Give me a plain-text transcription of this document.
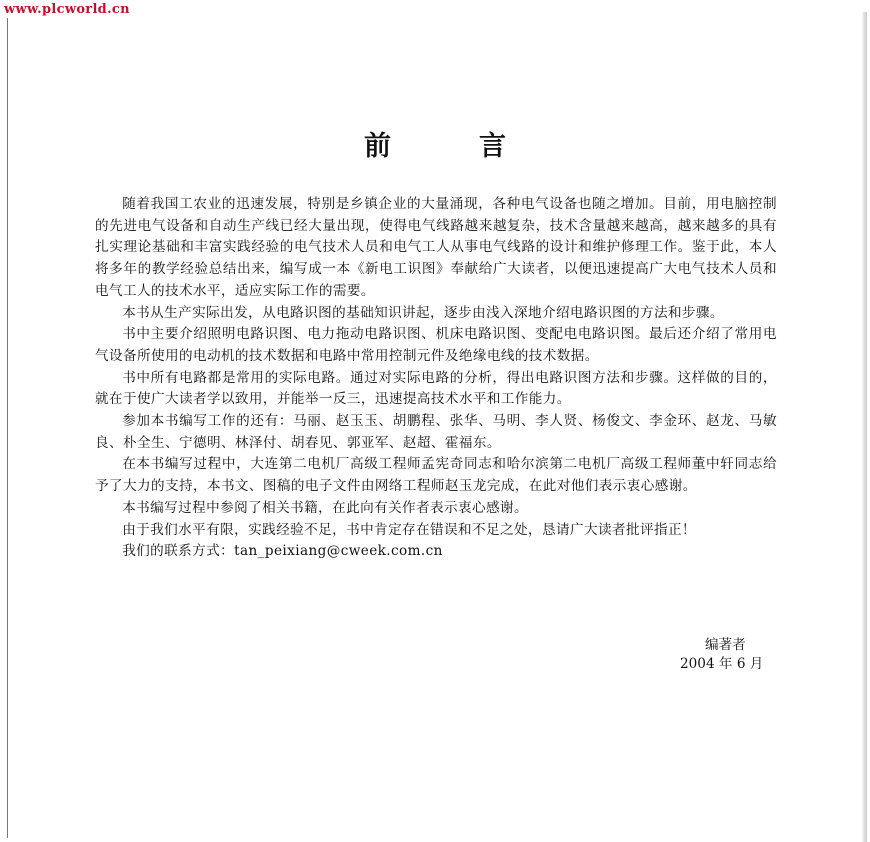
www.plcworld.cn
前言

随着我国工农业的迅速发展，特别是乡镇企业的大量涌现，各种电气设备也随之增加。目前，用电脑控制的先进电气设备和自动生产线已经大量出现，使得电气线路越来越复杂，技术含量越来越高，越来越多的具有扎实理论基础和丰富实践经验的电气技术人员和电气工人从事电气线路的设计和维护修理工作。鉴于此，本人将多年的教学经验总结出来，编写成一本《新电工识图》奉献给广大读者，以便迅速提高广大电气技术人员和电气工人的技术水平，适应实际工作的需要。

本书从生产实际出发，从电路识图的基础知识讲起，逐步由浅入深地介绍电路识图的方法和步骤。

书中主要介绍照明电路识图、电力拖动电路识图、机床电路识图、变配电电路识图。最后还介绍了常用电气设备所使用的电动机的技术数据和电路中常用控制元件及绝缘电线的技术数据。

书中所有电路都是常用的实际电路。通过对实际电路的分析，得出电路识图方法和步骤。这样做的目的，就在于使广大读者学以致用，并能举一反三，迅速提高技术水平和工作能力。

参加本书编写工作的还有：马丽、赵玉玉、胡鹏程、张华、马明、李人贤、杨俊文、李金环、赵龙、马敏良、朴全生、宁德明、林泽付、胡春见、郭亚军、赵超、霍福东。

在本书编写过程中，大连第二电机厂高级工程师孟宪奇同志和哈尔滨第二电机厂高级工程师董中轩同志给予了大力的支持，本书文、图稿的电子文件由网络工程师赵玉龙完成，在此对他们表示衷心感谢。

本书编写过程中参阅了相关书籍，在此向有关作者表示衷心感谢。

由于我们水平有限，实践经验不足，书中肯定存在错误和不足之处，恳请广大读者批评指正！

我们的联系方式：tan_peixiang@cweek.com.cn

编著者
2004 年 6 月
